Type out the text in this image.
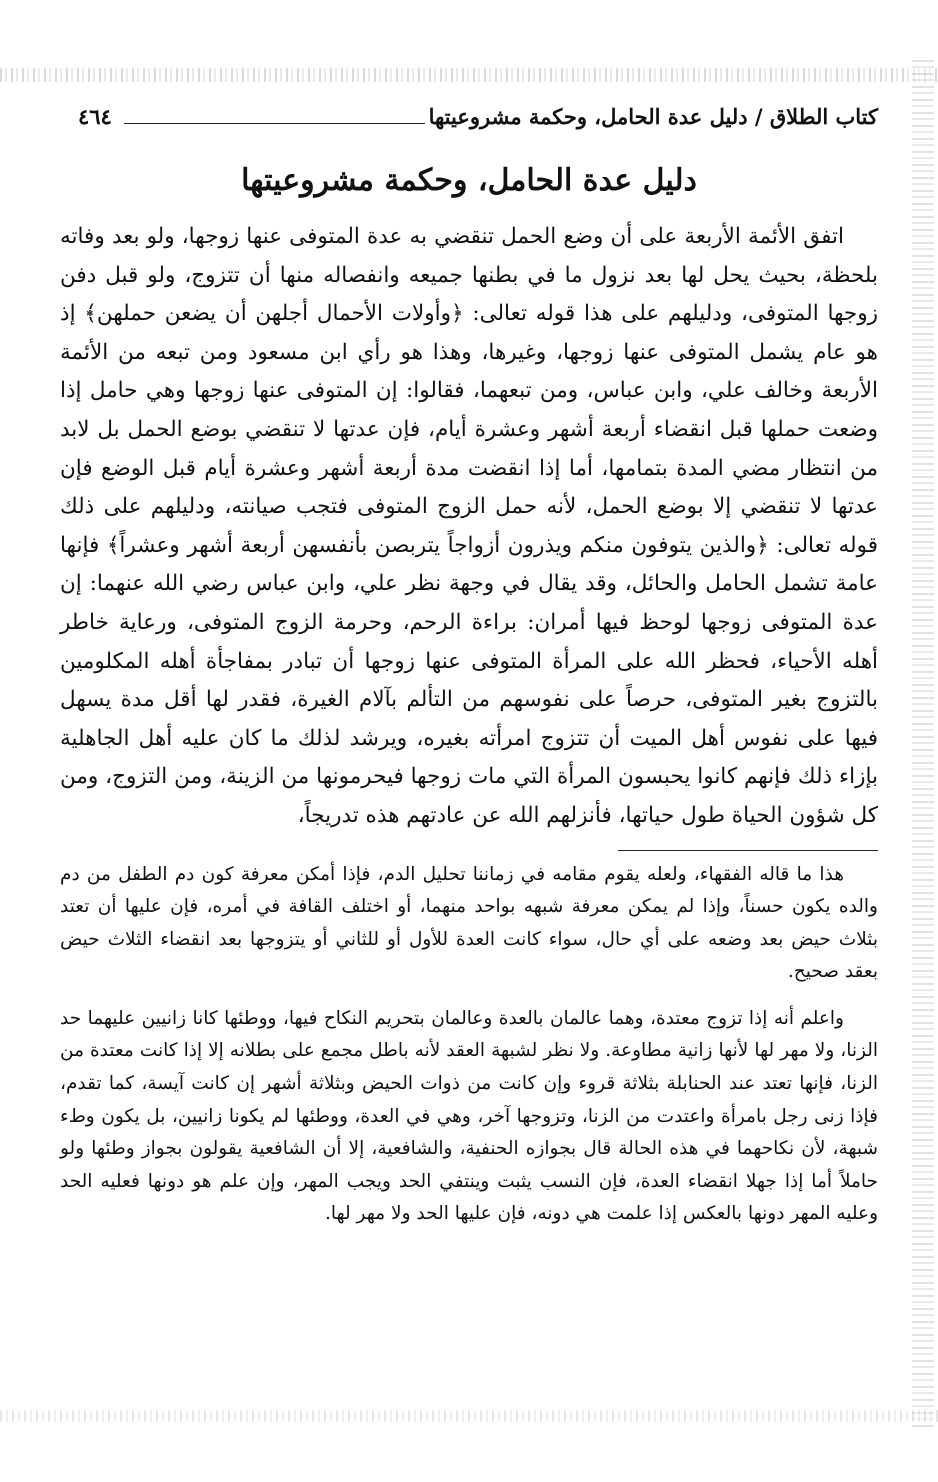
كتاب الطلاق / دليل عدة الحامل، وحكمة مشروعيتها
٤٦٤
دليل عدة الحامل، وحكمة مشروعيتها

اتفق الأئمة الأربعة على أن وضع الحمل تنقضي به عدة المتوفى عنها زوجها، ولو بعد وفاته بلحظة، بحيث يحل لها بعد نزول ما في بطنها جميعه وانفصاله منها أن تتزوج، ولو قبل دفن زوجها المتوفى، ودليلهم على هذا قوله تعالى: ﴿وأولات الأحمال أجلهن أن يضعن حملهن﴾ إذ هو عام يشمل المتوفى عنها زوجها، وغيرها، وهذا هو رأي ابن مسعود ومن تبعه من الأئمة الأربعة وخالف علي، وابن عباس، ومن تبعهما، فقالوا: إن المتوفى عنها زوجها وهي حامل إذا وضعت حملها قبل انقضاء أربعة أشهر وعشرة أيام، فإن عدتها لا تنقضي بوضع الحمل بل لابد من انتظار مضي المدة بتمامها، أما إذا انقضت مدة أربعة أشهر وعشرة أيام قبل الوضع فإن عدتها لا تنقضي إلا بوضع الحمل، لأنه حمل الزوج المتوفى فتجب صيانته، ودليلهم على ذلك قوله تعالى: ﴿والذين يتوفون منكم ويذرون أزواجاً يتربصن بأنفسهن أربعة أشهر وعشراً﴾ فإنها عامة تشمل الحامل والحائل، وقد يقال في وجهة نظر علي، وابن عباس رضي الله عنهما: إن عدة المتوفى زوجها لوحظ فيها أمران: براءة الرحم، وحرمة الزوج المتوفى، ورعاية خاطر أهله الأحياء، فحظر الله على المرأة المتوفى عنها زوجها أن تبادر بمفاجأة أهله المكلومين بالتزوج بغير المتوفى، حرصاً على نفوسهم من التألم بآلام الغيرة، فقدر لها أقل مدة يسهل فيها على نفوس أهل الميت أن تتزوج امرأته بغيره، ويرشد لذلك ما كان عليه أهل الجاهلية بإزاء ذلك فإنهم كانوا يحبسون المرأة التي مات زوجها فيحرمونها من الزينة، ومن التزوج، ومن كل شؤون الحياة طول حياتها، فأنزلهم الله عن عادتهم هذه تدريجاً،

هذا ما قاله الفقهاء، ولعله يقوم مقامه في زماننا تحليل الدم، فإذا أمكن معرفة كون دم الطفل من دم والده يكون حسناً، وإذا لم يمكن معرفة شبهه بواحد منهما، أو اختلف القافة في أمره، فإن عليها أن تعتد بثلاث حيض بعد وضعه على أي حال، سواء كانت العدة للأول أو للثاني أو يتزوجها بعد انقضاء الثلاث حيض بعقد صحيح.

واعلم أنه إذا تزوج معتدة، وهما عالمان بالعدة وعالمان بتحريم النكاح فيها، ووطئها كانا زانيين عليهما حد الزنا، ولا مهر لها لأنها زانية مطاوعة. ولا نظر لشبهة العقد لأنه باطل مجمع على بطلانه إلا إذا كانت معتدة من الزنا، فإنها تعتد عند الحنابلة بثلاثة قروء وإن كانت من ذوات الحيض وبثلاثة أشهر إن كانت آيسة، كما تقدم، فإذا زنى رجل بامرأة واعتدت من الزنا، وتزوجها آخر، وهي في العدة، ووطئها لم يكونا زانيين، بل يكون وطء شبهة، لأن نكاحهما في هذه الحالة قال بجوازه الحنفية، والشافعية، إلا أن الشافعية يقولون بجواز وطئها ولو حاملاً أما إذا جهلا انقضاء العدة، فإن النسب يثبت وينتفي الحد ويجب المهر، وإن علم هو دونها فعليه الحد وعليه المهر دونها بالعكس إذا علمت هي دونه، فإن عليها الحد ولا مهر لها.
